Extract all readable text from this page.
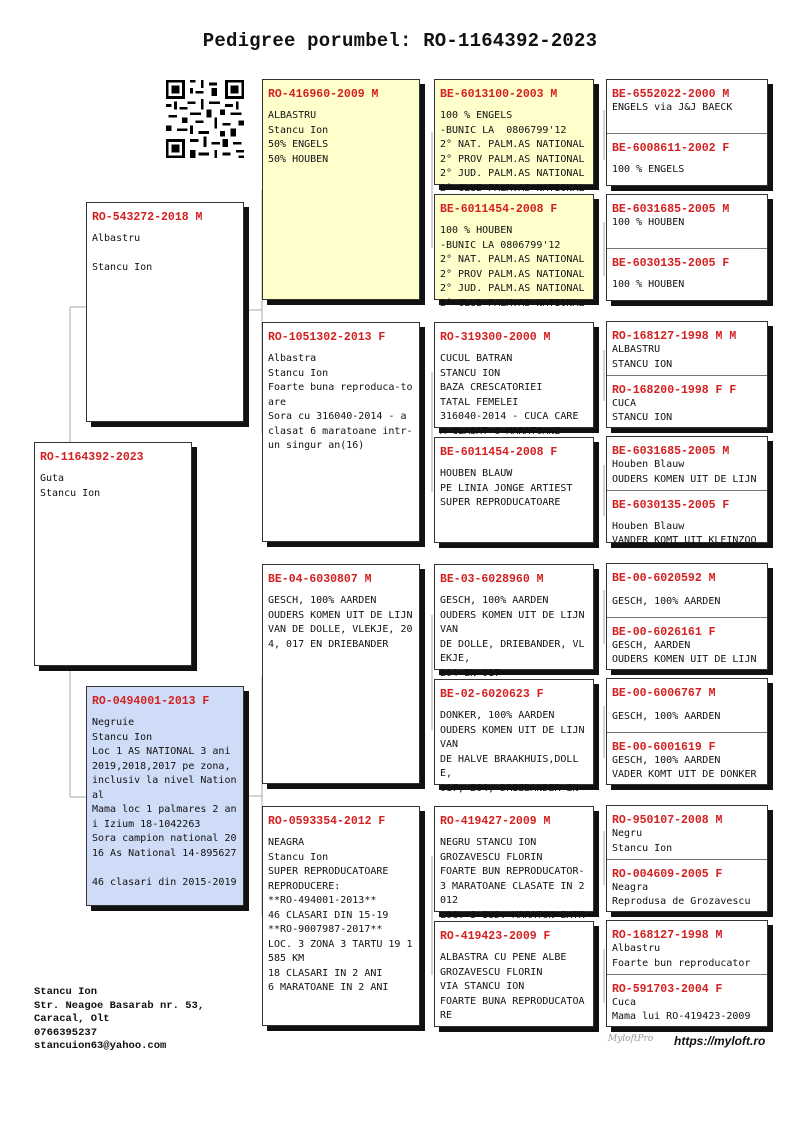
Pedigree porumbel: RO-1164392-2023
RO-1164392-2023
Guta
Stancu Ion
RO-543272-2018 M
Albastru

Stancu Ion
RO-0494001-2013 F
Negruie
Stancu Ion
Loc 1 AS NATIONAL 3 ani 2019,2018,2017 pe zona, inclusiv la nivel National
Mama loc 1 palmares 2 ani Izium 18-1042263
Sora campion national 2016 As National 14-895627

46 clasari din 2015-2019
RO-416960-2009 M
ALBASTRU
Stancu Ion
50% ENGELS
50% HOUBEN
RO-1051302-2013 F
Albastra
Stancu Ion
Foarte buna reproduca-toare
Sora cu 316040-2014 - a clasat 6 maratoane intr-un singur an(16)
BE-04-6030807 M
GESCH, 100% AARDEN
OUDERS KOMEN UIT DE LIJN VAN DE DOLLE, VLEKJE, 204, 017 EN DRIEBANDER
RO-0593354-2012 F
NEAGRA
Stancu Ion
SUPER REPRODUCATOARE
REPRODUCERE:
**RO-494001-2013**
46 CLASARI DIN 15-19
**RO-9007987-2017**
LOC. 3 ZONA 3 TARTU 19 1585 KM
18 CLASARI IN 2 ANI
6 MARATOANE IN 2 ANI
BE-6013100-2003 M
100 % ENGELS
-BUNIC LA  0806799'12
2° NAT. PALM.AS NATIONAL
2° PROV PALM.AS NATIONAL
2° JUD. PALM.AS NATIONAL
2° CLUB PALM.AS NATIONAL
BE-6011454-2008 F
100 % HOUBEN
-BUNIC LA 0806799'12
2° NAT. PALM.AS NATIONAL
2° PROV PALM.AS NATIONAL
2° JUD. PALM.AS NATIONAL
2° CLUB PALM.AS NATIONAL
RO-319300-2000 M
CUCUL BATRAN
STANCU ION
BAZA CRESCATORIEI
TATAL FEMELEI
316040-2014 - CUCA CARE A CLASAT 6 MARATOANE
BE-6011454-2008 F
HOUBEN BLAUW
PE LINIA JONGE ARTIEST
SUPER REPRODUCATOARE
BE-03-6028960 M
GESCH, 100% AARDEN
OUDERS KOMEN UIT DE LIJN VAN
DE DOLLE, DRIEBANDER, VLEKJE,
204 EN 017
BE-02-6020623 F
DONKER, 100% AARDEN
OUDERS KOMEN UIT DE LIJN VAN
DE HALVE BRAAKHUIS,DOLLE,
017, 204, DRIEBANDER EN
RO-419427-2009 M
NEGRU STANCU ION
GROZAVESCU FLORIN
FOARTE BUN REPRODUCATOR-3 MARATOANE CLASATE IN 2012
LOC. 3 IUD. MARATON EXTR
RO-419423-2009 F
ALBASTRA CU PENE ALBE
GROZAVESCU FLORIN
VIA STANCU ION
FOARTE BUNA REPRODUCATOARE
BE-6552022-2000 M
ENGELS via J&J BAECK
BE-6008611-2002 F
100 % ENGELS
BE-6031685-2005 M
100 % HOUBEN
BE-6030135-2005 F
100 % HOUBEN
RO-168127-1998 M M
ALBASTRU
STANCU ION
RO-168200-1998 F F
CUCA
STANCU ION
BE-6031685-2005 M
Houben Blauw
OUDERS KOMEN UIT DE LIJN
BE-6030135-2005 F
Houben Blauw
VANDER KOMT UIT KLEINZOO
BE-00-6020592 M
GESCH, 100% AARDEN
BE-00-6026161 F
GESCH, AARDEN
OUDERS KOMEN UIT DE LIJN
BE-00-6006767 M
GESCH, 100% AARDEN
BE-00-6001619 F
GESCH, 100% AARDEN
VADER KOMT UIT DE DONKER
RO-950107-2008 M
Negru
Stancu Ion
RO-004609-2005 F
Neagra
Reprodusa de Grozavescu
RO-168127-1998 M
Albastru
Foarte bun reproducator
RO-591703-2004 F
Cuca
Mama lui RO-419423-2009
Stancu Ion
Str. Neagoe Basarab nr. 53,
Caracal, Olt
0766395237
stancuion63@yahoo.com
MyloftPro https://myloft.ro
